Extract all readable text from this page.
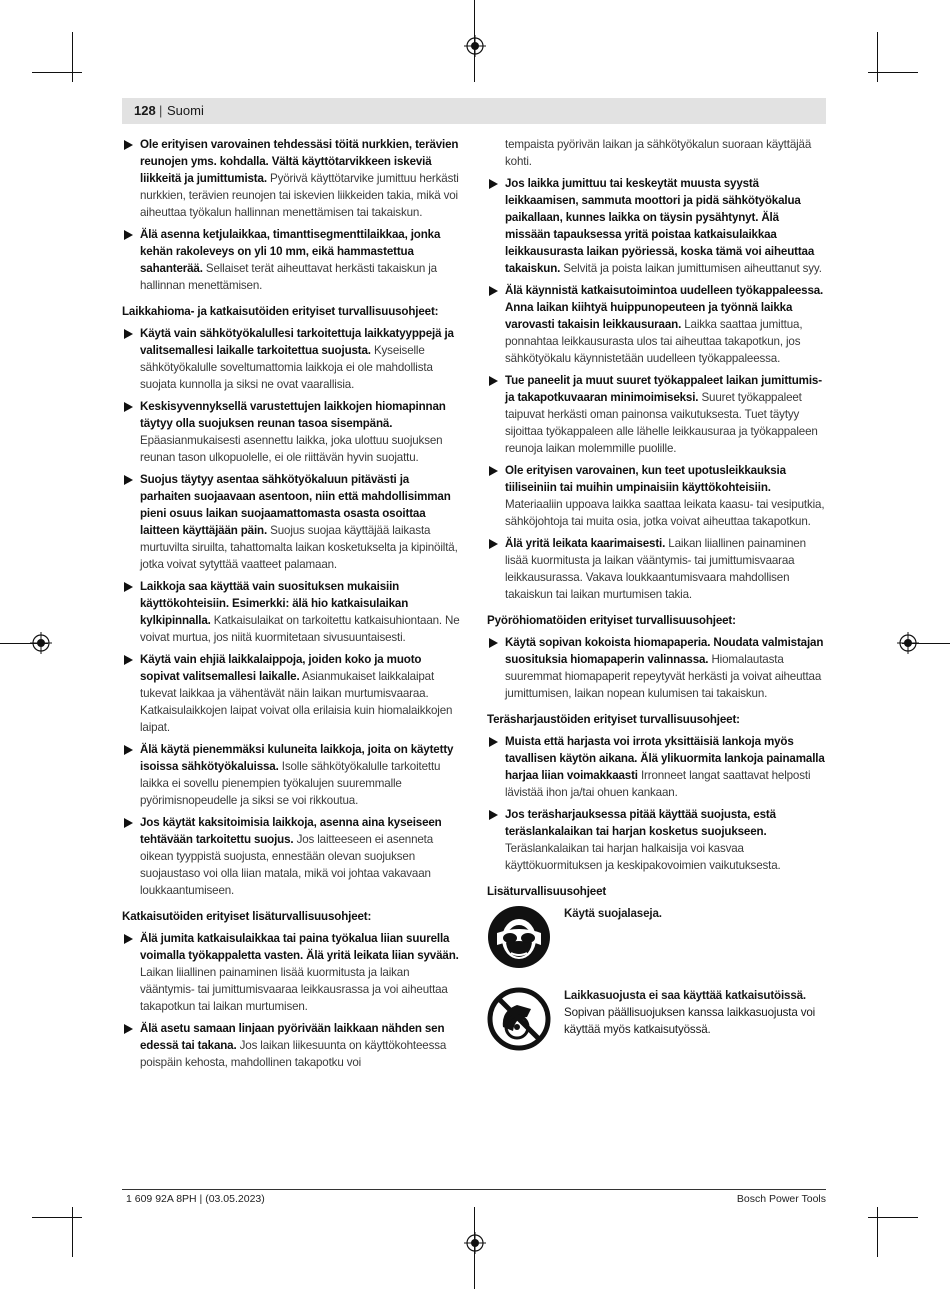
128 | Suomi
Ole erityisen varovainen tehdessäsi töitä nurkkien, terävien reunojen yms. kohdalla. Vältä käyttötarvikkeen iskeviä liikkeitä ja jumittumista. Pyörivä käyttötarvike jumittuu herkästi nurkkien, terävien reunojen tai iskevien liikkeiden takia, mikä voi aiheuttaa työkalun hallinnan menettämisen tai takaiskun.
Älä asenna ketjulaikkaa, timanttisegmenttilaikkaa, jonka kehän rakoleveys on yli 10 mm, eikä hammastettua sahanterää. Sellaiset terät aiheuttavat herkästi takaiskun ja hallinnan menettämisen.
Laikkahioma- ja katkaisutöiden erityiset turvallisuusohjeet:
Käytä vain sähkötyökalullesi tarkoitettuja laikkatyyppejä ja valitsemallesi laikalle tarkoitettua suojusta. Kyseiselle sähkötyökalulle soveltumattomia laikkoja ei ole mahdollista suojata kunnolla ja siksi ne ovat vaarallisia.
Keskisyvennyksellä varustettujen laikkojen hiomapinnan täytyy olla suojuksen reunan tasoa sisempänä. Epäasianmukaisesti asennettu laikka, joka ulottuu suojuksen reunan tason ulkopuolelle, ei ole riittävän hyvin suojattu.
Suojus täytyy asentaa sähkötyökaluun pitävästi ja parhaiten suojaavaan asentoon, niin että mahdollisimman pieni osuus laikan suojaamattomasta osasta osoittaa laitteen käyttäjään päin. Suojus suojaa käyttäjää laikasta murtuvilta siruilta, tahattomalta laikan kosketukselta ja kipinöiltä, jotka voivat sytyttää vaatteet palamaan.
Laikkoja saa käyttää vain suosituksen mukaisiin käyttökohteisiin. Esimerkki: älä hio katkaisulaikan kylkipinnalla. Katkaisulaikat on tarkoitettu katkaisuhiontaan. Ne voivat murtua, jos niitä kuormitetaan sivusuuntaisesti.
Käytä vain ehjiä laikkalaippoja, joiden koko ja muoto sopivat valitsemallesi laikalle. Asianmukaiset laikkalaipat tukevat laikkaa ja vähentävät näin laikan murtumisvaaraa. Katkaisulaikkojen laipat voivat olla erilaisia kuin hiomalaikkojen laipat.
Älä käytä pienemmäksi kuluneita laikkoja, joita on käytetty isoissa sähkötyökaluissa. Isolle sähkötyökalulle tarkoitettu laikka ei sovellu pienempien työkalujen suuremmalle pyörimisnopeudelle ja siksi se voi rikkoutua.
Jos käytät kaksitoimisia laikkoja, asenna aina kyseiseen tehtävään tarkoitettu suojus. Jos laitteeseen ei asenneta oikean tyyppistä suojusta, ennestään olevan suojuksen suojaustaso voi olla liian matala, mikä voi johtaa vakavaan loukkaantumiseen.
Katkaisutöiden erityiset lisäturvallisuusohjeet:
Älä jumita katkaisulaikkaa tai paina työkalua liian suurella voimalla työkappaletta vasten. Älä yritä leikata liian syvään. Laikan liiallinen painaminen lisää kuormitusta ja laikan vääntymis- tai jumittumisvaaraa leikkausrassa ja voi aiheuttaa takapotkun tai laikan murtumisen.
Älä asetu samaan linjaan pyörivään laikkaan nähden sen edessä tai takana. Jos laikan liikesuunta on käyttökohteessa poispäin kehosta, mahdollinen takapotku voi
tempaista pyörivän laikan ja sähkötyökalun suoraan käyttäjää kohti.
Jos laikka jumittuu tai keskeytät muusta syystä leikkaamisen, sammuta moottori ja pidä sähkötyökalua paikallaan, kunnes laikka on täysin pysähtynyt. Älä missään tapauksessa yritä poistaa katkaisulaikkaa leikkausurasta laikan pyöriessä, koska tämä voi aiheuttaa takaiskun. Selvitä ja poista laikan jumittumisen aiheuttanut syy.
Älä käynnistä katkaisutoimintoa uudelleen työkappaleessa. Anna laikan kiihtyä huippunopeuteen ja työnnä laikka varovasti takaisin leikkausuraan. Laikka saattaa jumittua, ponnahtaa leikkausurasta ulos tai aiheuttaa takapotkun, jos sähkötyökalu käynnistetään uudelleen työkappaleessa.
Tue paneelit ja muut suuret työkappaleet laikan jumittumis- ja takapotkuvaaran minimoimiseksi. Suuret työkappaleet taipuvat herkästi oman painonsa vaikutuksesta. Tuet täytyy sijoittaa työkappaleen alle lähelle leikkausuraa ja työkappaleen reunoja laikan molemmille puolille.
Ole erityisen varovainen, kun teet upotusleikkauksia tiiliseiniin tai muihin umpinaisiin käyttökohteisiin. Materiaaliin uppoava laikka saattaa leikata kaasu- tai vesiputkia, sähköjohtoja tai muita osia, jotka voivat aiheuttaa takapotkun.
Älä yritä leikata kaarimaisesti. Laikan liiallinen painaminen lisää kuormitusta ja laikan vääntymis- tai jumittumisvaaraa leikkausurassa. Vakava loukkaantumisvaara mahdollisen takaiskun tai laikan murtumisen takia.
Pyöröhiomatöiden erityiset turvallisuusohjeet:
Käytä sopivan kokoista hiomapaperia. Noudata valmistajan suosituksia hiomapaperin valinnassa. Hiomalautasta suuremmat hiomapaperit repeytyvät herkästi ja voivat aiheuttaa jumittumisen, laikan nopean kulumisen tai takaiskun.
Teräsharjaustöiden erityiset turvallisuusohjeet:
Muista että harjasta voi irrota yksittäisiä lankoja myös tavallisen käytön aikana. Älä ylikuormita lankoja painamalla harjaa liian voimakkaasti Irronneet langat saattavat helposti lävistää ihon ja/tai ohuen kankaan.
Jos teräsharjauksessa pitää käyttää suojusta, estä teräslankalaikan tai harjan kosketus suojukseen. Teräslankalaikan tai harjan halkaisija voi kasvaa käyttökuormituksen ja keskipakovoimien vaikutuksesta.
Lisäturvallisuusohjeet
Käytä suojalaseja.
Laikkasuojusta ei saa käyttää katkaisutöissä. Sopivan päällisuojuksen kanssa laikkasuojusta voi käyttää myös katkaisutyössä.
1 609 92A 8PH | (03.05.2023)	Bosch Power Tools
